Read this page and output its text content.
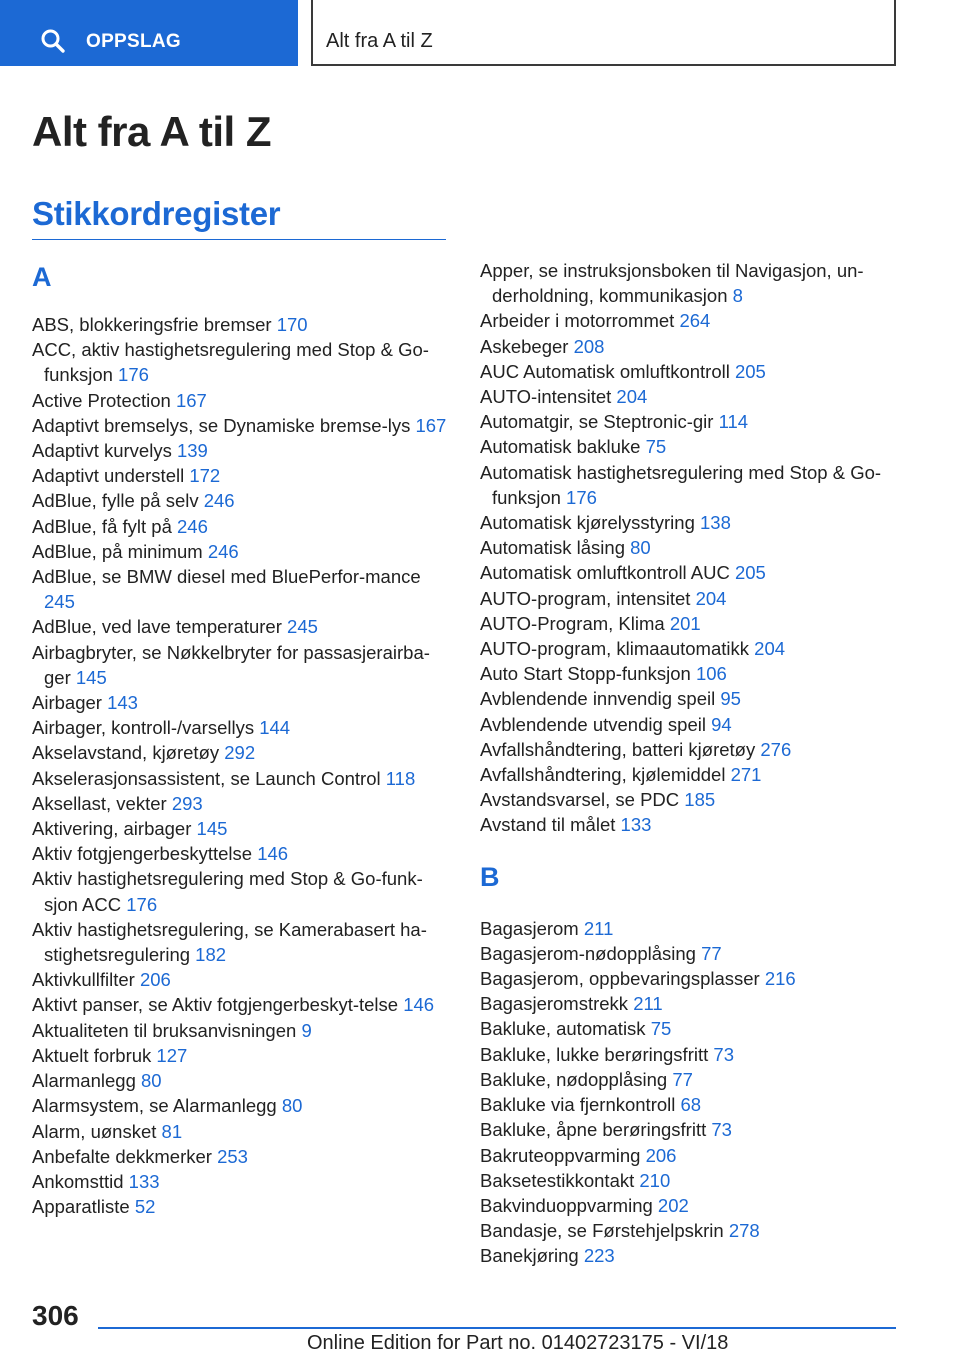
OPPSLAG	Alt fra A til Z
Alt fra A til Z
Stikkordregister
A
ABS, blokkeringsfrie bremser 170
ACC, aktiv hastighetsregulering med Stop & Go-funksjon 176
Active Protection 167
Adaptivt bremselys, se Dynamiske bremse-lys 167
Adaptivt kurvelys 139
Adaptivt understell 172
AdBlue, fylle på selv 246
AdBlue, få fylt på 246
AdBlue, på minimum 246
AdBlue, se BMW diesel med BluePerfor-mance 245
AdBlue, ved lave temperaturer 245
Airbagbryter, se Nøkkelbryter for passasjerairba-ger 145
Airbager 143
Airbager, kontroll-/varsellys 144
Akselavstand, kjøretøy 292
Akselerasjonsassistent, se Launch Control 118
Aksellast, vekter 293
Aktivering, airbager 145
Aktiv fotgjengerbeskyttelse 146
Aktiv hastighetsregulering med Stop & Go-funk-sjon ACC 176
Aktiv hastighetsregulering, se Kamerabasert ha-stighetsregulering 182
Aktivkullfilter 206
Aktivt panser, se Aktiv fotgjengerbeskyt-telse 146
Aktualiteten til bruksanvisningen 9
Aktuelt forbruk 127
Alarmanlegg 80
Alarmsystem, se Alarmanlegg 80
Alarm, uønsket 81
Anbefalte dekkmerker 253
Ankomsttid 133
Apparatliste 52
Apper, se instruksjonsboken til Navigasjon, un-derholdning, kommunikasjon 8
Arbeider i motorrommet 264
Askebeger 208
AUC Automatisk omluftkontroll 205
AUTO-intensitet 204
Automatgir, se Steptronic-gir 114
Automatisk bakluke 75
Automatisk hastighetsregulering med Stop & Go-funksjon 176
Automatisk kjørelysstyring 138
Automatisk låsing 80
Automatisk omluftkontroll AUC 205
AUTO-program, intensitet 204
AUTO-Program, Klima 201
AUTO-program, klimaautomatikk 204
Auto Start Stopp-funksjon 106
Avblendende innvendig speil 95
Avblendende utvendig speil 94
Avfallshåndtering, batteri kjøretøy 276
Avfallshåndtering, kjølemiddel 271
Avstandsvarsel, se PDC 185
Avstand til målet 133
B
Bagasjerom 211
Bagasjerom-nødopplåsing 77
Bagasjerom, oppbevaringsplasser 216
Bagasjeromstrekk 211
Bakluke, automatisk 75
Bakluke, lukke berøringsfritt 73
Bakluke, nødopplåsing 77
Bakluke via fjernkontroll 68
Bakluke, åpne berøringsfritt 73
Bakruteoppvarming 206
Baksetestikkontakt 210
Bakvinduoppvarming 202
Bandasje, se Førstehjelpskrin 278
Banekjøring 223
306
Online Edition for Part no. 01402723175 - VI/18
